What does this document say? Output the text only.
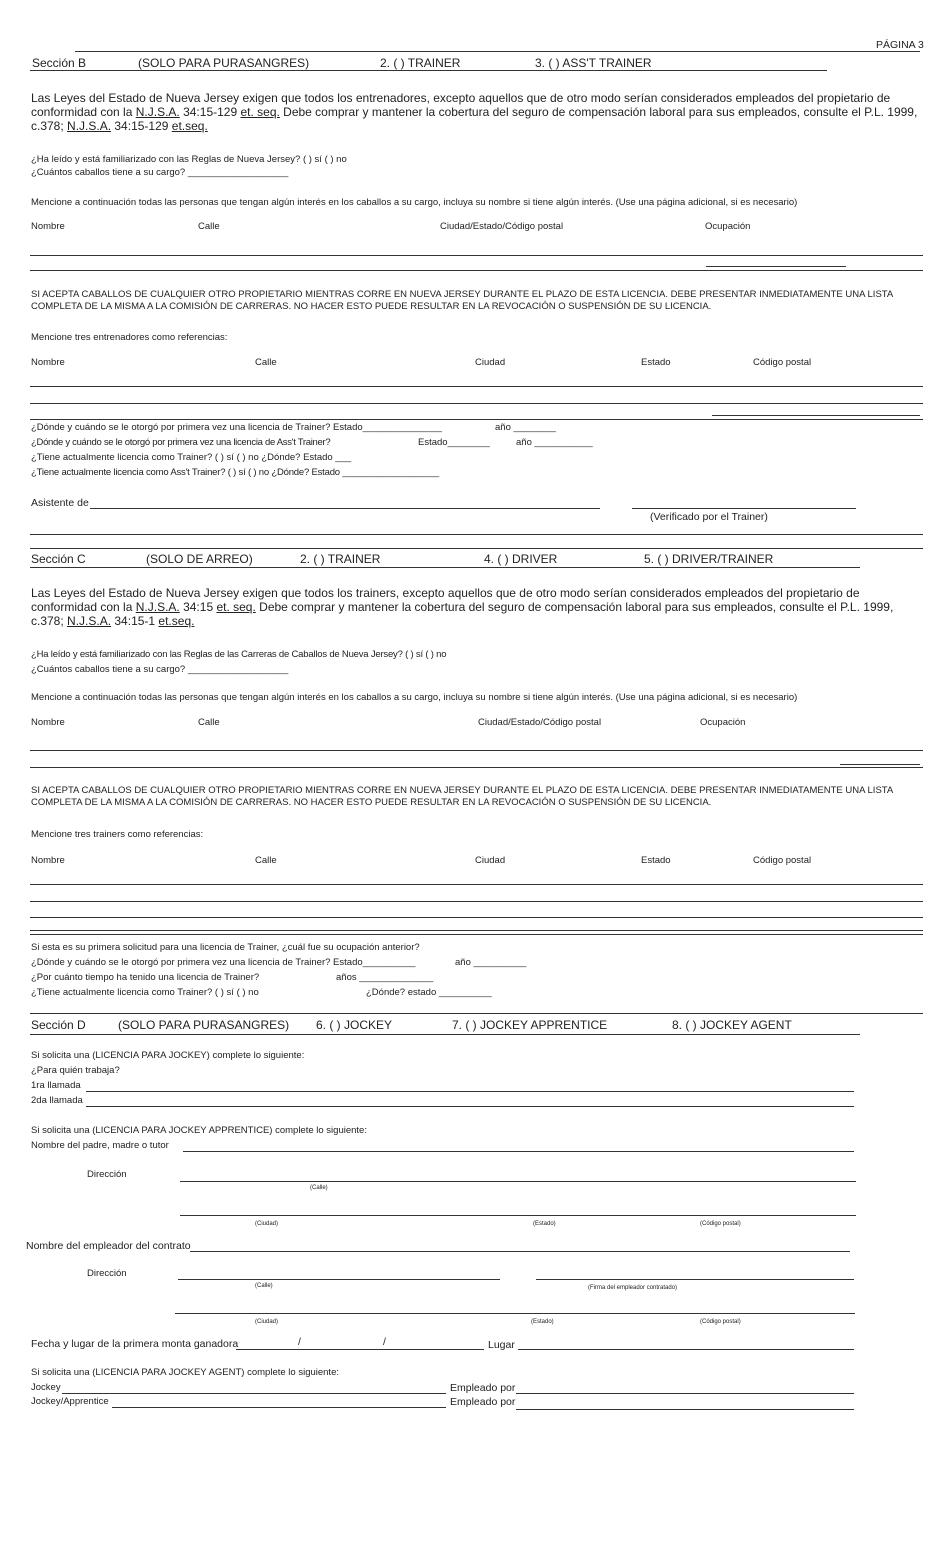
PÁGINA 3
Sección B	(SOLO PARA PURASANGRES)	2. ( ) TRAINER	3. ( ) ASS'T TRAINER
Las Leyes del Estado de Nueva Jersey exigen que todos los entrenadores, excepto aquellos que de otro modo serían considerados empleados del propietario de conformidad con la N.J.S.A. 34:15-129 et. seq. Debe comprar y mantener la cobertura del seguro de compensación laboral para sus empleados, consulte el P.L. 1999, c.378; N.J.S.A. 34:15-129 et.seq.
¿Ha leído y está familiarizado con las Reglas de Nueva Jersey? ( ) sí ( ) no
¿Cuántos caballos tiene a su cargo? ___________________
Mencione a continuación todas las personas que tengan algún interés en los caballos a su cargo, incluya su nombre si tiene algún interés. (Use una página adicional, si es necesario)
Nombre	Calle	Ciudad/Estado/Código postal	Ocupación
SI ACEPTA CABALLOS DE CUALQUIER OTRO PROPIETARIO MIENTRAS CORRE EN NUEVA JERSEY DURANTE EL PLAZO DE ESTA LICENCIA. DEBE PRESENTAR INMEDIATAMENTE UNA LISTA COMPLETA DE LA MISMA A LA COMISIÓN DE CARRERAS. NO HACER ESTO PUEDE RESULTAR EN LA REVOCACIÓN O SUSPENSIÓN DE SU LICENCIA.
Mencione tres entrenadores como referencias:
Nombre	Calle	Ciudad	Estado	Código postal
¿Dónde y cuándo se le otorgó por primera vez una licencia de Trainer? Estado_______________	año ________
¿Dónde y cuándo se le otorgó por primera vez una licencia de Ass't Trainer?	Estado________	año ___________
¿Tiene actualmente licencia como Trainer? ( ) sí ( ) no ¿Dónde? Estado ___
¿Tiene actualmente licencia como Ass't Trainer? ( ) sí ( ) no ¿Dónde? Estado ___________________
Asistente de
(Verificado por el Trainer)
Sección C	(SOLO DE ARREO)	2. ( ) TRAINER	4. ( ) DRIVER	5. ( ) DRIVER/TRAINER
Las Leyes del Estado de Nueva Jersey exigen que todos los trainers, excepto aquellos que de otro modo serían considerados empleados del propietario de conformidad con la N.J.S.A. 34:15 et. seq. Debe comprar y mantener la cobertura del seguro de compensación laboral para sus empleados, consulte el P.L. 1999, c.378; N.J.S.A. 34:15-1 et.seq.
¿Ha leído y está familiarizado con las Reglas de las Carreras de Caballos de Nueva Jersey? ( ) sí ( ) no
¿Cuántos caballos tiene a su cargo? ___________________
Mencione a continuación todas las personas que tengan algún interés en los caballos a su cargo, incluya su nombre si tiene algún interés. (Use una página adicional, si es necesario)
Nombre	Calle	Ciudad/Estado/Código postal	Ocupación
SI ACEPTA CABALLOS DE CUALQUIER OTRO PROPIETARIO MIENTRAS CORRE EN NUEVA JERSEY DURANTE EL PLAZO DE ESTA LICENCIA. DEBE PRESENTAR INMEDIATAMENTE UNA LISTA COMPLETA DE LA MISMA A LA COMISIÓN DE CARRERAS. NO HACER ESTO PUEDE RESULTAR EN LA REVOCACIÓN O SUSPENSIÓN DE SU LICENCIA.
Mencione tres trainers como referencias:
Nombre	Calle	Ciudad	Estado	Código postal
Si esta es su primera solicitud para una licencia de Trainer, ¿cuál fue su ocupación anterior?
¿Dónde y cuándo se le otorgó por primera vez una licencia de Trainer? Estado__________	año __________
¿Por cuánto tiempo ha tenido una licencia de Trainer?	años ______________
¿Tiene actualmente licencia como Trainer? ( ) sí ( ) no	¿Dónde? estado __________
Sección D	(SOLO PARA PURASANGRES) 6. ( ) JOCKEY	7. ( ) JOCKEY APPRENTICE	8. ( ) JOCKEY AGENT
Si solicita una (LICENCIA PARA JOCKEY) complete lo siguiente:
¿Para quién trabaja?
1ra llamada
2da llamada
Si solicita una (LICENCIA PARA JOCKEY APPRENTICE) complete lo siguiente:
Nombre del padre, madre o tutor
Dirección
(Calle)
(Ciudad)	(Estado)	(Código postal)
Nombre del empleador del contrato
Dirección
(Calle)	(Firma del empleador contratado)
(Ciudad)	(Estado)	(Código postal)
Fecha y lugar de la primera monta ganadora	/	/	Lugar
Si solicita una (LICENCIA PARA JOCKEY AGENT) complete lo siguiente:
Jockey	Empleado por
Jockey/Apprentice	Empleado por
